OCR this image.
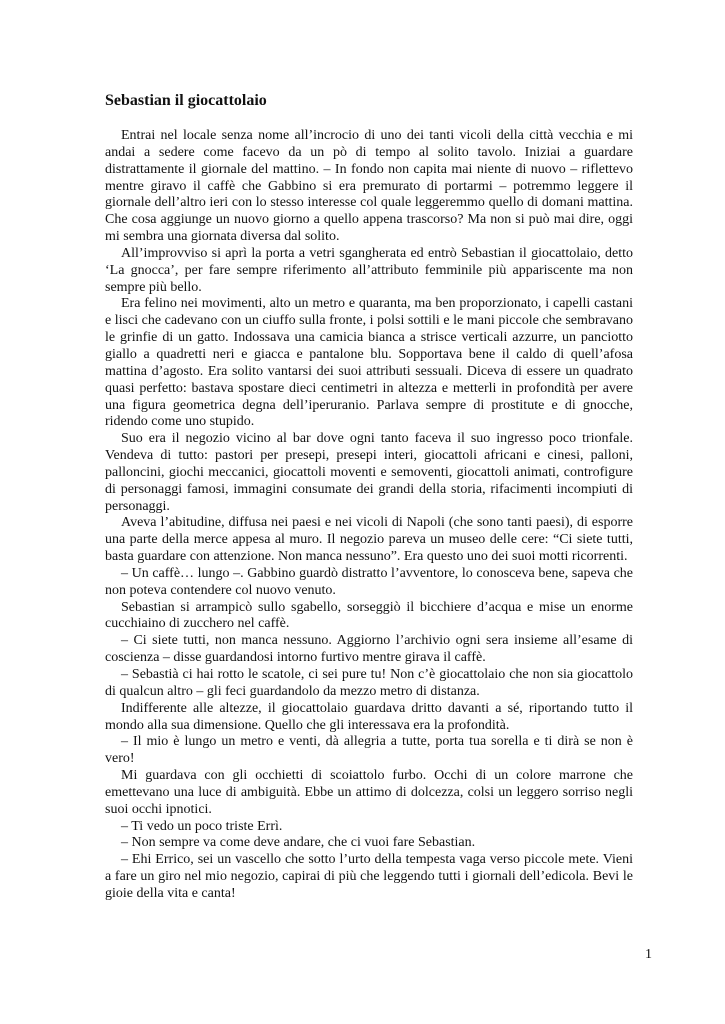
Sebastian il giocattolaio

Entrai nel locale senza nome all’incrocio di uno dei tanti vicoli della città vecchia e mi andai a sedere come facevo da un pò di tempo al solito tavolo. Iniziai a guardare distrattamente il giornale del mattino. – In fondo non capita mai niente di nuovo – riflettevo mentre giravo il caffè che Gabbino si era premurato di portarmi – potremmo leggere il giornale dell’altro ieri con lo stesso interesse col quale leggeremmo quello di domani mattina. Che cosa aggiunge un nuovo giorno a quello appena trascorso? Ma non si può mai dire, oggi mi sembra una giornata diversa dal solito.

All’improvviso si aprì la porta a vetri sgangherata ed entrò Sebastian il giocattolaio, detto ‘La gnocca’, per fare sempre riferimento all’attributo femminile più appariscente ma non sempre più bello.

Era felino nei movimenti, alto un metro e quaranta, ma ben proporzionato, i capelli castani e lisci che cadevano con un ciuffo sulla fronte, i polsi sottili e le mani piccole che sembravano le grinfie di un gatto. Indossava una camicia bianca a strisce verticali azzurre, un panciotto giallo a quadretti neri e giacca e pantalone blu. Sopportava bene il caldo di quell’afosa mattina d’agosto. Era solito vantarsi dei suoi attributi sessuali. Diceva di essere un quadrato quasi perfetto: bastava spostare dieci centimetri in altezza e metterli in profondità per avere una figura geometrica degna dell’iperuranio. Parlava sempre di prostitute e di gnocche, ridendo come uno stupido.

Suo era il negozio vicino al bar dove ogni tanto faceva il suo ingresso poco trionfale. Vendeva di tutto: pastori per presepi, presepi interi, giocattoli africani e cinesi, palloni, palloncini, giochi meccanici, giocattoli moventi e semoventi, giocattoli animati, controfigure di personaggi famosi, immagini consumate dei grandi della storia, rifacimenti incompiuti di personaggi.

Aveva l’abitudine, diffusa nei paesi e nei vicoli di Napoli (che sono tanti paesi), di esporre una parte della merce appesa al muro. Il negozio pareva un museo delle cere: “Ci siete tutti, basta guardare con attenzione. Non manca nessuno”. Era questo uno dei suoi motti ricorrenti.

– Un caffè… lungo –. Gabbino guardò distratto l’avventore, lo conosceva bene, sapeva che non poteva contendere col nuovo venuto.

Sebastian si arrampicò sullo sgabello, sorseggiò il bicchiere d’acqua e mise un enorme cucchiaino di zucchero nel caffè.

– Ci siete tutti, non manca nessuno. Aggiorno l’archivio ogni sera insieme all’esame di coscienza – disse guardandosi intorno furtivo mentre girava il caffè.

– Sebastià ci hai rotto le scatole, ci sei pure tu! Non c’è giocattolaio che non sia giocattolo di qualcun altro – gli feci guardandolo da mezzo metro di distanza.

Indifferente alle altezze, il giocattolaio guardava dritto davanti a sé, riportando tutto il mondo alla sua dimensione. Quello che gli interessava era la profondità.

– Il mio è lungo un metro e venti, dà allegria a tutte, porta tua sorella e ti dirà se non è vero!

Mi guardava con gli occhietti di scoiattolo furbo. Occhi di un colore marrone che emettevano una luce di ambiguità. Ebbe un attimo di dolcezza, colsi un leggero sorriso negli suoi occhi ipnotici.

– Ti vedo un poco triste Errì.

– Non sempre va come deve andare, che ci vuoi fare Sebastian.

– Ehi Errico, sei un vascello che sotto l’urto della tempesta vaga verso piccole mete. Vieni a fare un giro nel mio negozio, capirai di più che leggendo tutti i giornali dell’edicola. Bevi le gioie della vita e canta!

1
